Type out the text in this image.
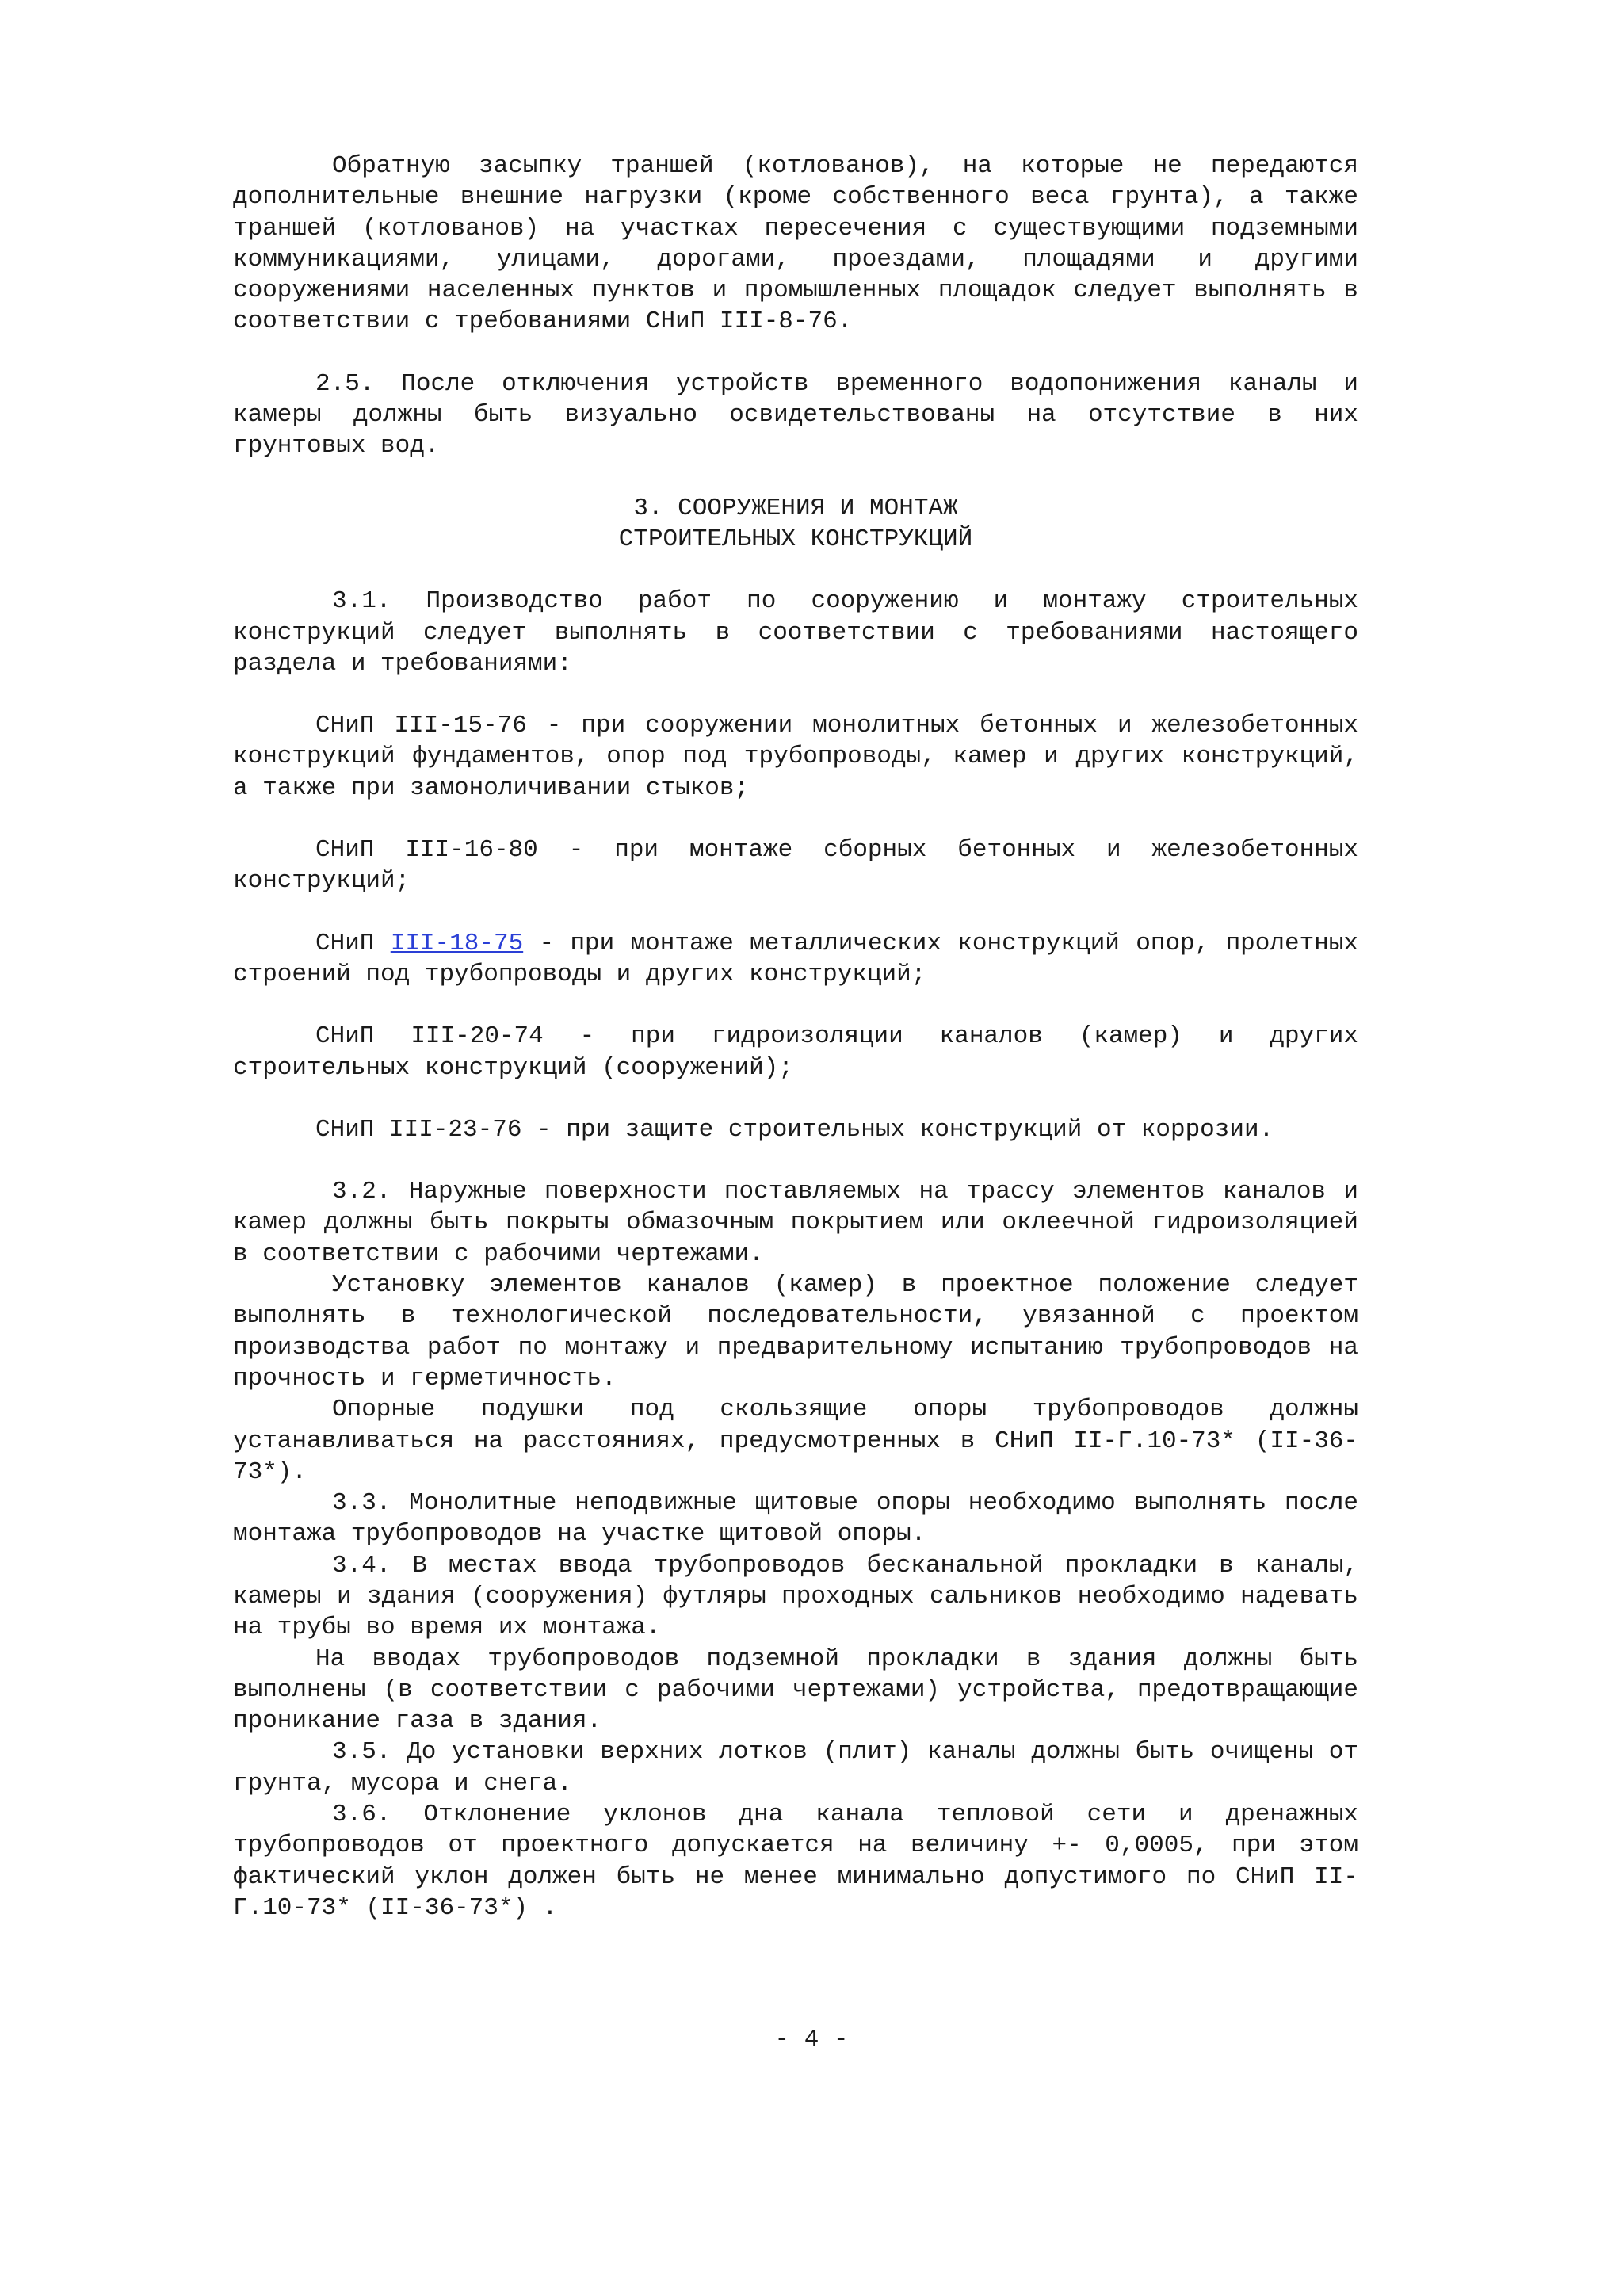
Обратную засыпку траншей (котлованов), на которые не передаются дополнительные внешние нагрузки (кроме собственного веса грунта), а также траншей (котлованов) на участках пересечения с существующими подземными коммуникациями, улицами, дорогами, проездами, площадями и другими сооружениями населенных пунктов и промышленных площадок следует выполнять в соответствии с требованиями СНиП III-8-76.

2.5. После отключения устройств временного водопонижения каналы и камеры должны быть визуально освидетельствованы на отсутствие в них грунтовых вод.

3. СООРУЖЕНИЯ И МОНТАЖ
СТРОИТЕЛЬНЫХ КОНСТРУКЦИЙ

3.1. Производство работ по сооружению и монтажу строительных конструкций следует выполнять в соответствии с требованиями настоящего раздела и требованиями:

СНиП III-15-76 - при сооружении монолитных бетонных и железобетонных конструкций фундаментов, опор под трубопроводы, камер и других конструкций, а также при замоноличивании стыков;

СНиП III-16-80 - при монтаже сборных бетонных и железобетонных конструкций;

СНиП III-18-75 - при монтаже металлических конструкций опор, пролетных строений под трубопроводы и других конструкций;

СНиП III-20-74 - при гидроизоляции каналов (камер) и других строительных конструкций (сооружений);

СНиП III-23-76 - при защите строительных конструкций от коррозии.

3.2. Наружные поверхности поставляемых на трассу элементов каналов и камер должны быть покрыты обмазочным покрытием или оклеечной гидроизоляцией в соответствии с рабочими чертежами.

Установку элементов каналов (камер) в проектное положение следует выполнять в технологической последовательности, увязанной с проектом производства работ по монтажу и предварительному испытанию трубопроводов на прочность и герметичность.

Опорные подушки под скользящие опоры трубопроводов должны устанавливаться на расстояниях, предусмотренных в СНиП II-Г.10-73* (II-36-73*).

3.3. Монолитные неподвижные щитовые опоры необходимо выполнять после монтажа трубопроводов на участке щитовой опоры.

3.4. В местах ввода трубопроводов бесканальной прокладки в каналы, камеры и здания (сооружения) футляры проходных сальников необходимо надевать на трубы во время их монтажа.

На вводах трубопроводов подземной прокладки в здания должны быть выполнены (в соответствии с рабочими чертежами) устройства, предотвращающие проникание газа в здания.

3.5. До установки верхних лотков (плит) каналы должны быть очищены от грунта, мусора и снега.

3.6. Отклонение уклонов дна канала тепловой сети и дренажных трубопроводов от проектного допускается на величину +- 0,0005, при этом фактический уклон должен быть не менее минимально допустимого по СНиП II-Г.10-73* (II-36-73*) .

- 4 -
